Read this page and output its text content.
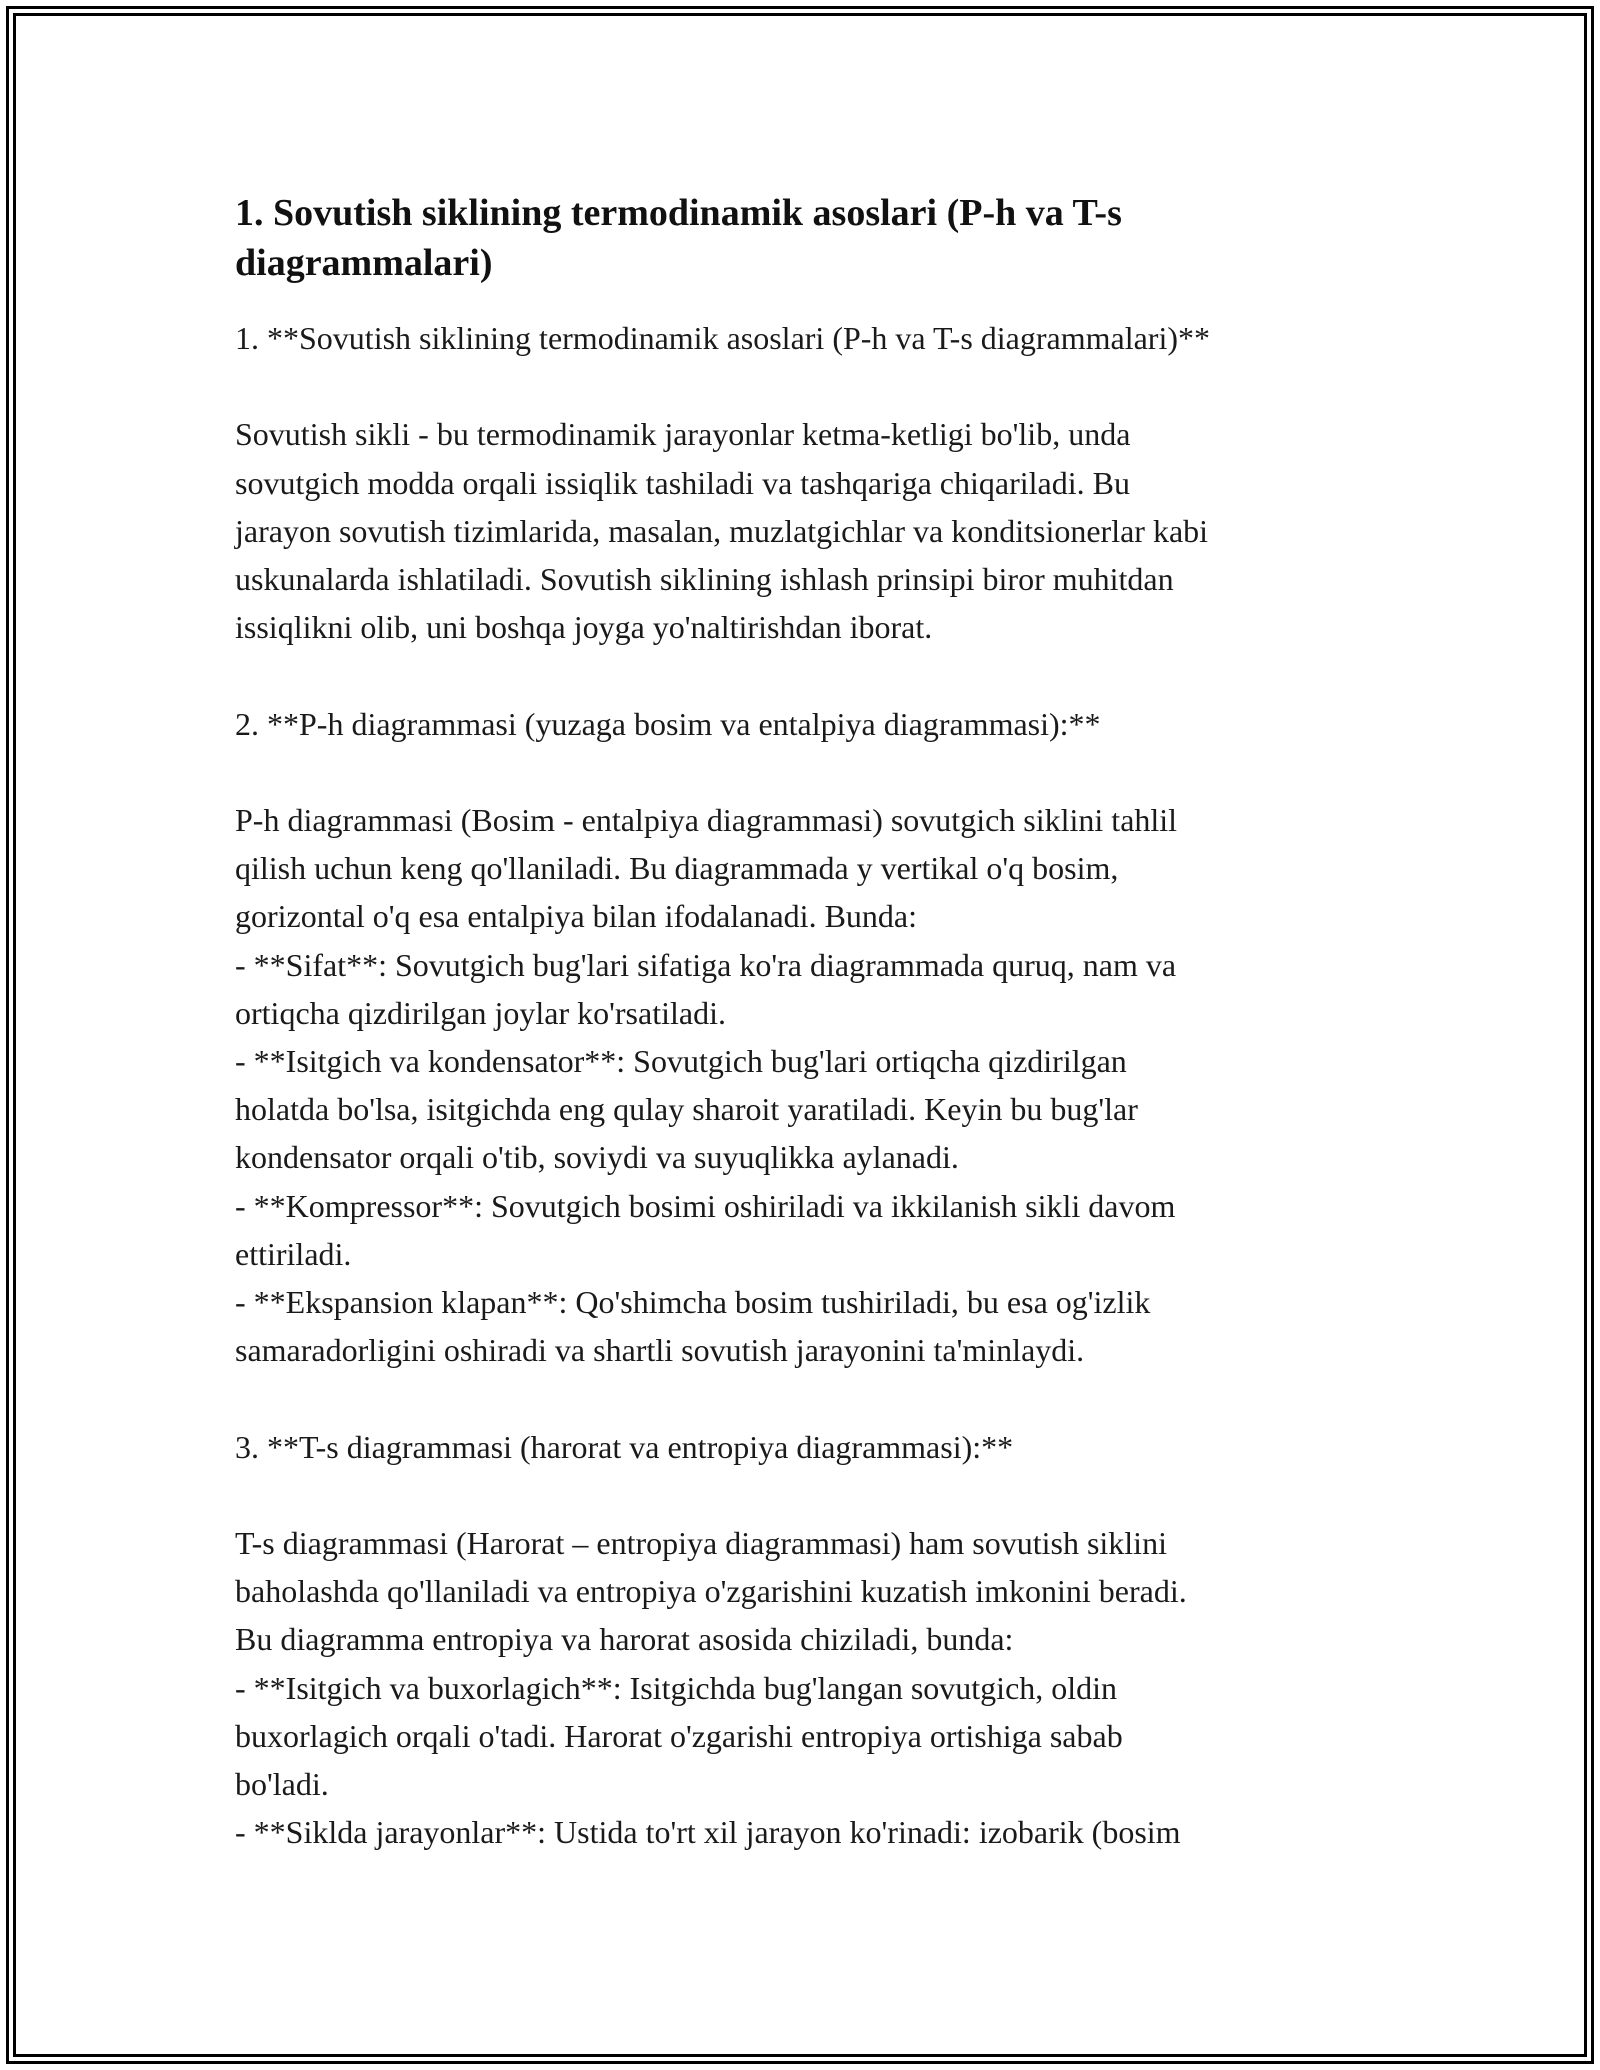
1. Sovutish siklining termodinamik asoslari (P-h va T-s
diagrammalari)

1. **Sovutish siklining termodinamik asoslari (P-h va T-s diagrammalari)**

Sovutish sikli - bu termodinamik jarayonlar ketma-ketligi bo'lib, unda

sovutgich modda orqali issiqlik tashiladi va tashqariga chiqariladi. Bu

jarayon sovutish tizimlarida, masalan, muzlatgichlar va konditsionerlar kabi

uskunalarda ishlatiladi. Sovutish siklining ishlash prinsipi biror muhitdan

issiqlikni olib, uni boshqa joyga yo'naltirishdan iborat.

2. **P-h diagrammasi (yuzaga bosim va entalpiya diagrammasi):**

P-h diagrammasi (Bosim - entalpiya diagrammasi) sovutgich siklini tahlil

qilish uchun keng qo'llaniladi. Bu diagrammada y vertikal o'q bosim,

gorizontal o'q esa entalpiya bilan ifodalanadi. Bunda:

- **Sifat**: Sovutgich bug'lari sifatiga ko'ra diagrammada quruq, nam va

ortiqcha qizdirilgan joylar ko'rsatiladi.

- **Isitgich va kondensator**: Sovutgich bug'lari ortiqcha qizdirilgan

holatda bo'lsa, isitgichda eng qulay sharoit yaratiladi. Keyin bu bug'lar

kondensator orqali o'tib, soviydi va suyuqlikka aylanadi.

- **Kompressor**: Sovutgich bosimi oshiriladi va ikkilanish sikli davom

ettiriladi.

- **Ekspansion klapan**: Qo'shimcha bosim tushiriladi, bu esa og'izlik

samaradorligini oshiradi va shartli sovutish jarayonini ta'minlaydi.

3. **T-s diagrammasi (harorat va entropiya diagrammasi):**

T-s diagrammasi (Harorat – entropiya diagrammasi) ham sovutish siklini

baholashda qo'llaniladi va entropiya o'zgarishini kuzatish imkonini beradi.

Bu diagramma entropiya va harorat asosida chiziladi, bunda:

- **Isitgich va buxorlagich**: Isitgichda bug'langan sovutgich, oldin

buxorlagich orqali o'tadi. Harorat o'zgarishi entropiya ortishiga sabab

bo'ladi.

- **Siklda jarayonlar**: Ustida to'rt xil jarayon ko'rinadi: izobarik (bosim
